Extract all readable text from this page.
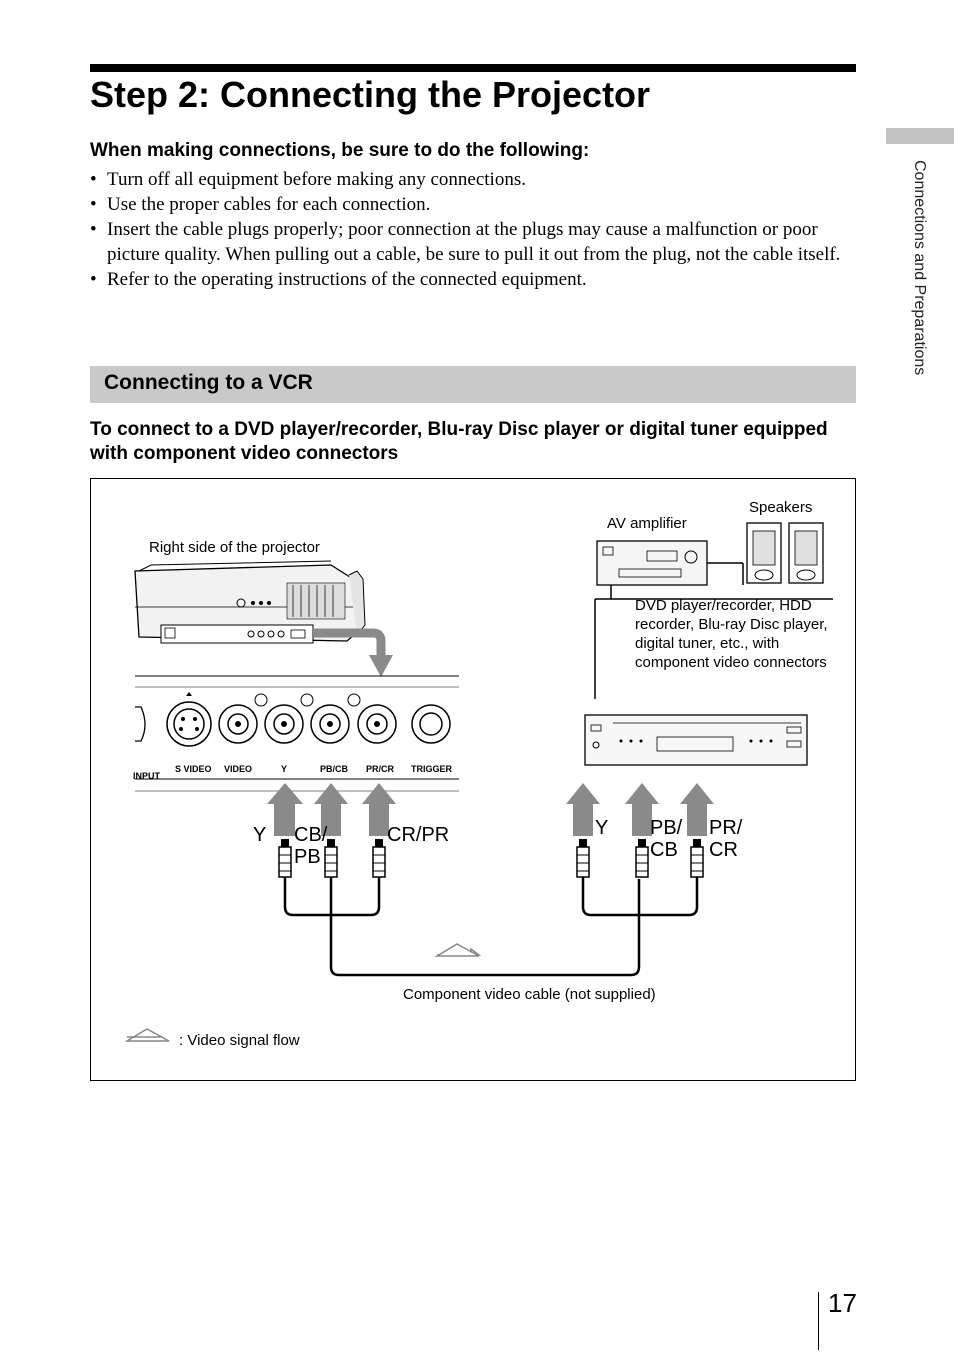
Step 2: Connecting the Projector
When making connections, be sure to do the following:
• Turn off all equipment before making any connections.
• Use the proper cables for each connection.
• Insert the cable plugs properly; poor connection at the plugs may cause a malfunction or poor picture quality. When pulling out a cable, be sure to pull it out from the plug, not the cable itself.
• Refer to the operating instructions of the connected equipment.
Connecting to a VCR
To connect to a DVD player/recorder, Blu-ray Disc player or digital tuner equipped with component video connectors
Right side of the projector
AV amplifier
Speakers
DVD player/recorder, HDD recorder, Blu-ray Disc player, digital tuner, etc., with component video connectors
Component video cable (not supplied)
: Video signal flow
INPUT
S VIDEO VIDEO	Y	PB/CB PR/CR TRIGGER
Y CB/ PB
CR/PR	Y PB/ CB
PR/ CR
Connections and Preparations
17
